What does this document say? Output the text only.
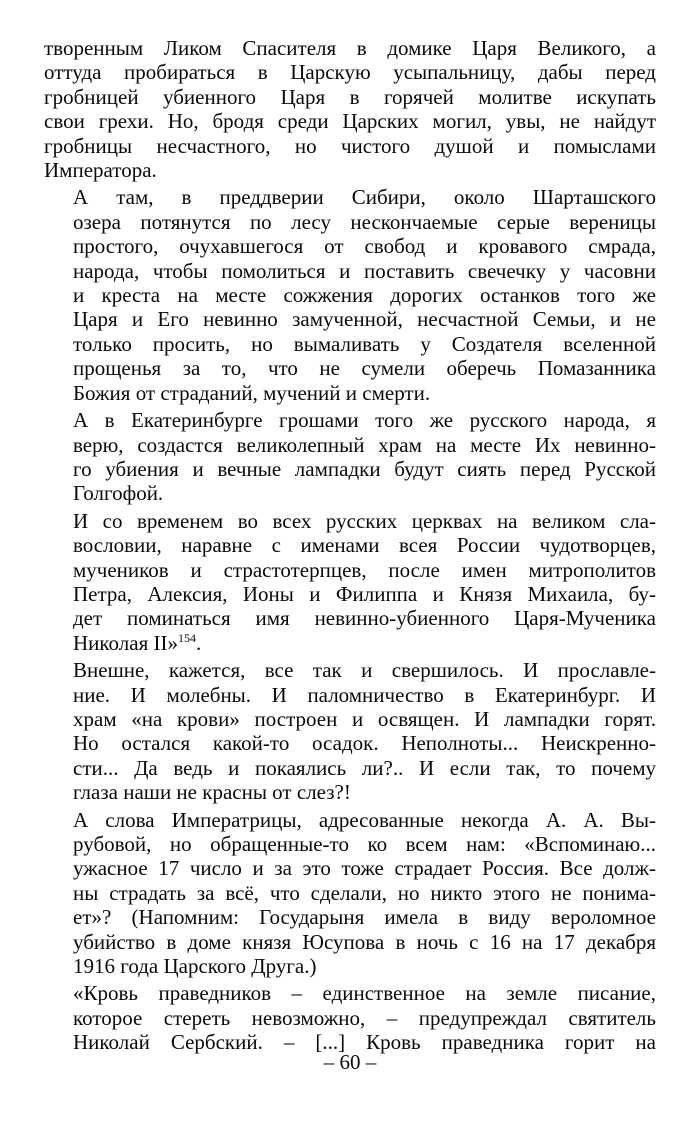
творенным Ликом Спасителя в домике Царя Великого, а
оттуда пробираться в Царскую усыпальницу, дабы перед
гробницей убиенного Царя в горячей молитве искупать
свои грехи. Но, бродя среди Царских могил, увы, не найдут
гробницы несчастного, но чистого душой и помыслами
Императора.

А там, в преддверии Сибири, около Шарташского
озера потянутся по лесу нескончаемые серые вереницы
простого, очухавшегося от свобод и кровавого смрада,
народа, чтобы помолиться и поставить свечечку у часовни
и креста на месте сожжения дорогих останков того же
Царя и Его невинно замученной, несчастной Семьи, и не
только просить, но вымаливать у Создателя вселенной
прощенья за то, что не сумели оберечь Помазанника
Божия от страданий, мучений и смерти.

А в Екатеринбурге грошами того же русского народа, я
верю, создастся великолепный храм на месте Их невинно-
го убиения и вечные лампадки будут сиять перед Русской
Голгофой.

И со временем во всех русских церквах на великом сла-
вословии, наравне с именами всея России чудотворцев,
мучеников и страстотерпцев, после имен митрополитов
Петра, Алексия, Ионы и Филиппа и Князя Михаила, бу-
дет поминаться имя невинно-убиенного Царя-Мученика
Николая II»$^{154}$.

Внешне, кажется, все так и свершилось. И прославле-
ние. И молебны. И паломничество в Екатеринбург. И
храм «на крови» построен и освящен. И лампадки горят.
Но остался какой-то осадок. Неполноты... Неискренно-
сти... Да ведь и покаялись ли?.. И если так, то почему
глаза наши не красны от слез?!

А слова Императрицы, адресованные некогда А. А. Вы-
рубовой, но обращенные-то ко всем нам: «Вспоминаю...
ужасное 17 число и за это тоже страдает Россия. Все долж-
ны страдать за всё, что сделали, но никто этого не понима-
ет»? (Напомним: Государыня имела в виду вероломное
убийство в доме князя Юсупова в ночь с 16 на 17 декабря
1916 года Царского Друга.)

«Кровь праведников – единственное на земле писание,
которое стереть невозможно, – предупреждал святитель
Николай Сербский. – [...] Кровь праведника горит на

– 60 –
